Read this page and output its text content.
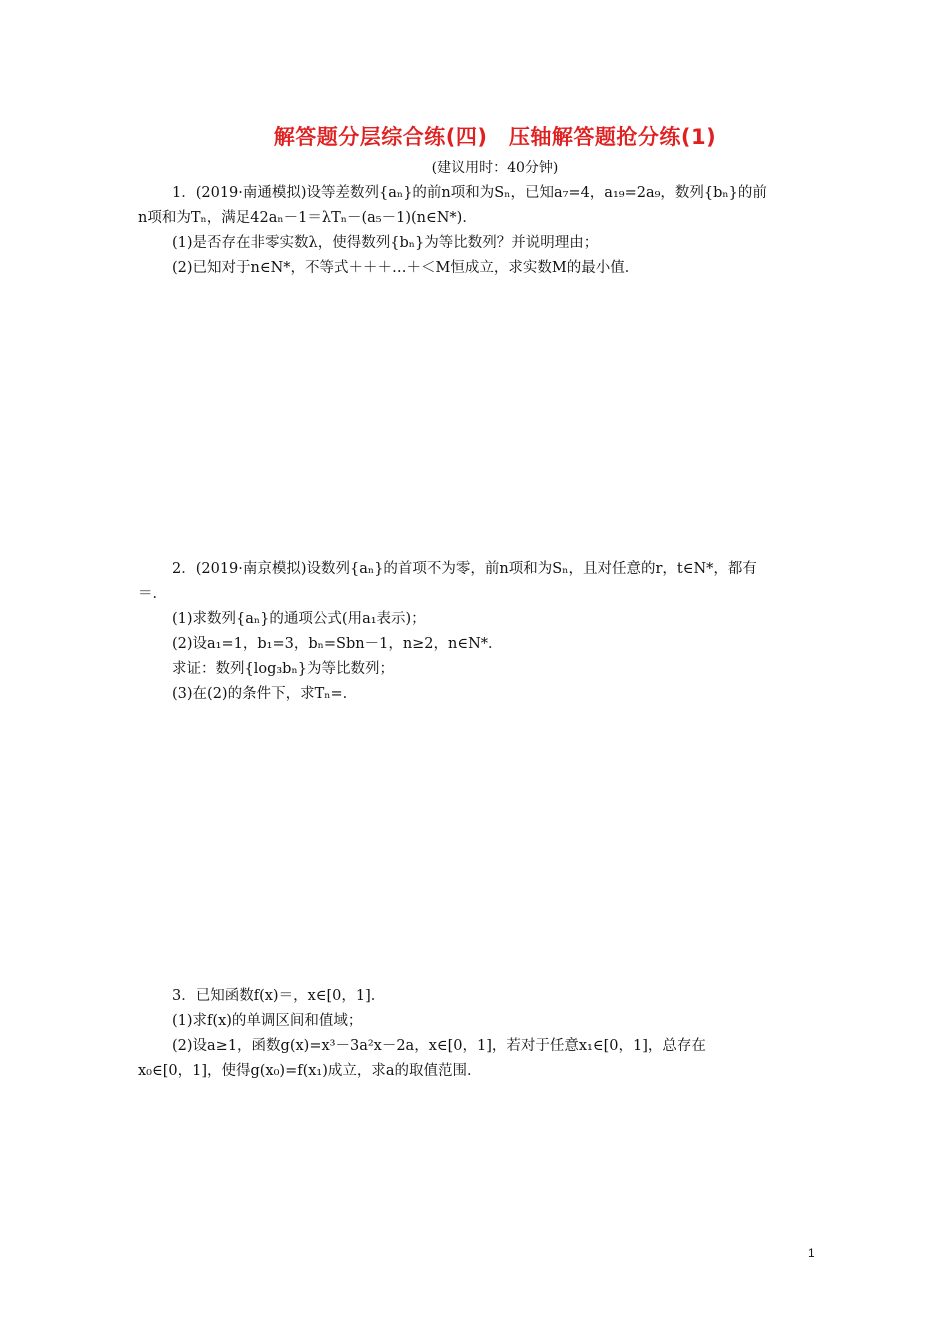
解答题分层综合练(四)　压轴解答题抢分练(1)
(建议用时：40分钟)
1．(2019·南通模拟)设等差数列{aₙ}的前n项和为Sₙ，已知a₇=4，a₁₉=2a₉，数列{bₙ}的前
n项和为Tₙ，满足42aₙ－1＝λTₙ－(a₅－1)(n∈N*)．
(1)是否存在非零实数λ，使得数列{bₙ}为等比数列？并说明理由；
(2)已知对于n∈N*，不等式＋＋＋…＋＜M恒成立，求实数M的最小值．
2．(2019·南京模拟)设数列{aₙ}的首项不为零，前n项和为Sₙ，且对任意的r，t∈N*，都有
＝．
(1)求数列{aₙ}的通项公式(用a₁表示)；
(2)设a₁=1，b₁=3，bₙ=Sbn－1，n≥2，n∈N*．
求证：数列{log₃bₙ}为等比数列；
(3)在(2)的条件下，求Tₙ=．
3．已知函数f(x)＝，x∈[0，1]．
(1)求f(x)的单调区间和值域；
(2)设a≥1，函数g(x)=x³－3a²x－2a，x∈[0，1]，若对于任意x₁∈[0，1]，总存在
x₀∈[0，1]，使得g(x₀)=f(x₁)成立，求a的取值范围．
1
